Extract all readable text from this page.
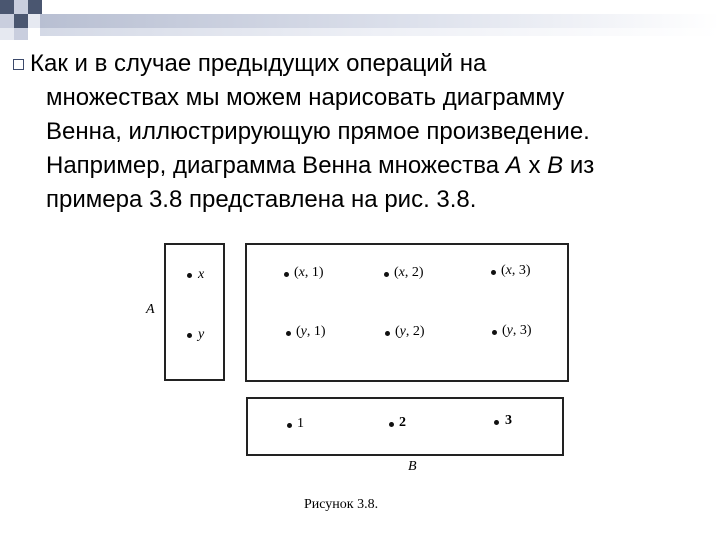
Как и в случае предыдущих операций на
множествах мы можем нарисовать диаграмму
Венна, иллюстрирующую прямое произведение.
Например, диаграмма Венна множества A x B из
примера 3.8 представлена на рис. 3.8.

A
x
y
(x, 1)	(x, 2)	(x, 3)
(y, 1)	(y, 2)	(y, 3)
1	2	3
B
Рисунок 3.8.
